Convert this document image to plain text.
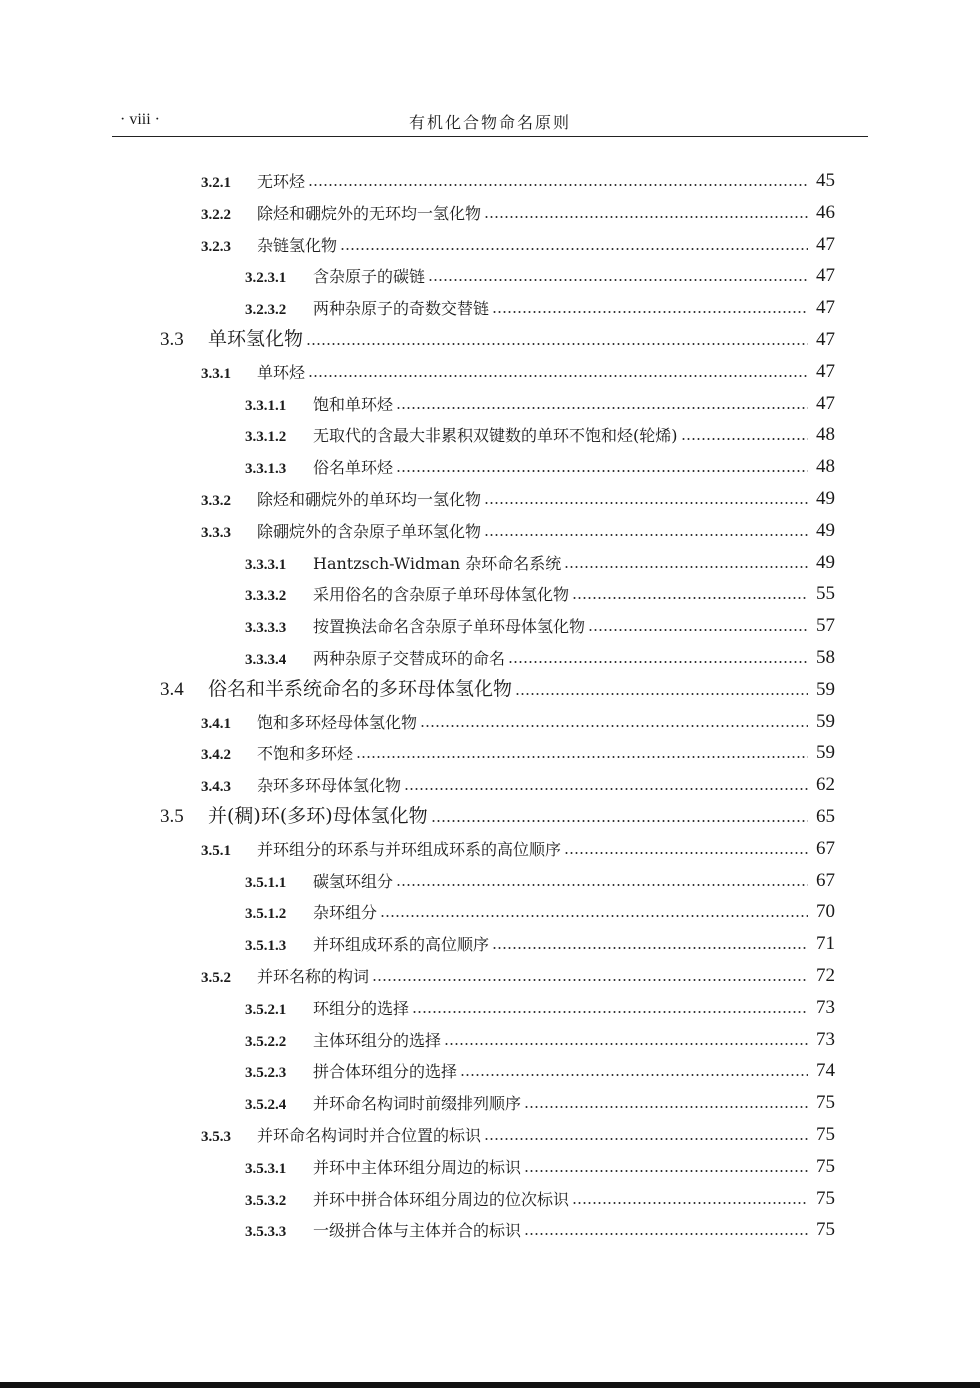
· viii ·	有机化合物命名原则
3.2.1	无环烃	45
3.2.2	除烃和硼烷外的无环均一氢化物	46
3.2.3	杂链氢化物	47
3.2.3.1	含杂原子的碳链	47
3.2.3.2	两种杂原子的奇数交替链	47
3.3	单环氢化物	47
3.3.1	单环烃	47
3.3.1.1	饱和单环烃	47
3.3.1.2	无取代的含最大非累积双键数的单环不饱和烃(轮烯)	48
3.3.1.3	俗名单环烃	48
3.3.2	除烃和硼烷外的单环均一氢化物	49
3.3.3	除硼烷外的含杂原子单环氢化物	49
3.3.3.1	Hantzsch-Widman 杂环命名系统	49
3.3.3.2	采用俗名的含杂原子单环母体氢化物	55
3.3.3.3	按置换法命名含杂原子单环母体氢化物	57
3.3.3.4	两种杂原子交替成环的命名	58
3.4	俗名和半系统命名的多环母体氢化物	59
3.4.1	饱和多环烃母体氢化物	59
3.4.2	不饱和多环烃	59
3.4.3	杂环多环母体氢化物	62
3.5	并(稠)环(多环)母体氢化物	65
3.5.1	并环组分的环系与并环组成环系的高位顺序	67
3.5.1.1	碳氢环组分	67
3.5.1.2	杂环组分	70
3.5.1.3	并环组成环系的高位顺序	71
3.5.2	并环名称的构词	72
3.5.2.1	环组分的选择	73
3.5.2.2	主体环组分的选择	73
3.5.2.3	拼合体环组分的选择	74
3.5.2.4	并环命名构词时前缀排列顺序	75
3.5.3	并环命名构词时并合位置的标识	75
3.5.3.1	并环中主体环组分周边的标识	75
3.5.3.2	并环中拼合体环组分周边的位次标识	75
3.5.3.3	一级拼合体与主体并合的标识	75
